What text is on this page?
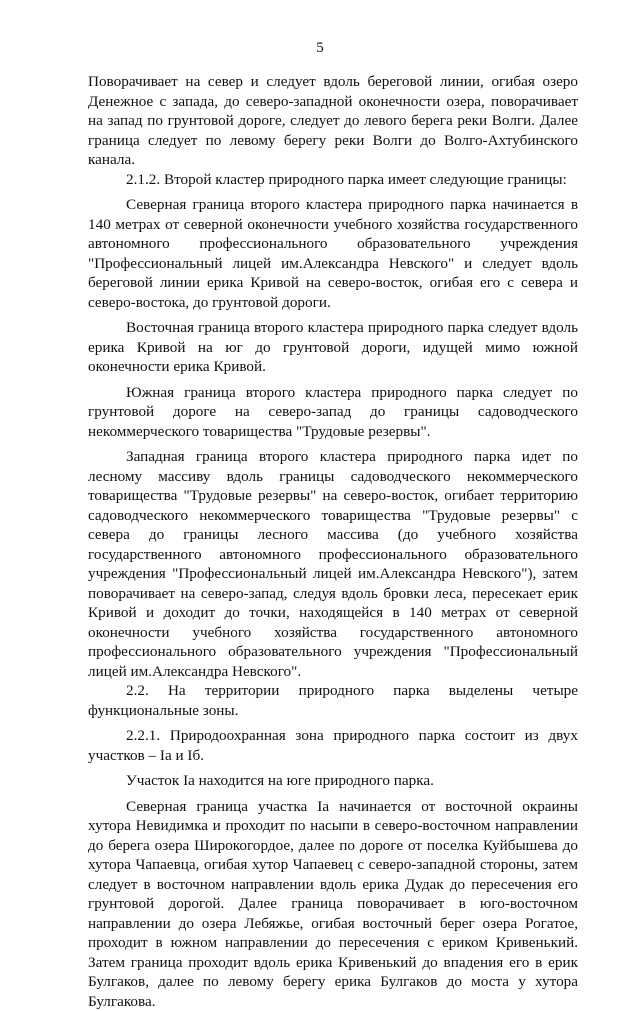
5

Поворачивает на север и следует вдоль береговой линии, огибая озеро Денежное с запада, до северо-западной оконечности озера, поворачивает на запад по грунтовой дороге, следует до левого берега реки Волги. Далее граница следует по левому берегу реки Волги до Волго-Ахтубинского канала.

2.1.2. Второй кластер природного парка имеет следующие границы:

Северная граница второго кластера природного парка начинается в 140 метрах от северной оконечности учебного хозяйства государственного автономного профессионального образовательного учреждения "Профессиональный лицей им.Александра Невского" и следует вдоль береговой линии ерика Кривой на северо-восток, огибая его с севера и северо-востока, до грунтовой дороги.

Восточная граница второго кластера природного парка следует вдоль ерика Кривой на юг до грунтовой дороги, идущей мимо южной оконечности ерика Кривой.

Южная граница второго кластера природного парка следует по грунтовой дороге на северо-запад до границы садоводческого некоммерческого товарищества "Трудовые резервы".

Западная граница второго кластера природного парка идет по лесному массиву вдоль границы садоводческого некоммерческого товарищества "Трудовые резервы" на северо-восток, огибает территорию садоводческого некоммерческого товарищества "Трудовые резервы" с севера до границы лесного массива (до учебного хозяйства государственного автономного профессионального образовательного учреждения "Профессиональный лицей им.Александра Невского"), затем поворачивает на северо-запад, следуя вдоль бровки леса, пересекает ерик Кривой и доходит до точки, находящейся в 140 метрах от северной оконечности учебного хозяйства государственного автономного профессионального образовательного учреждения "Профессиональный лицей им.Александра Невского".

2.2. На территории природного парка выделены четыре функциональные зоны.

2.2.1. Природоохранная зона природного парка состоит из двух участков – Iа и Iб.

Участок Iа находится на юге природного парка.

Северная граница участка Iа начинается от восточной окраины хутора Невидимка и проходит по насыпи в северо-восточном направлении до берега озера Широкогордое, далее по дороге от поселка Куйбышева до хутора Чапаевца, огибая хутор Чапаевец с северо-западной стороны, затем следует в восточном направлении вдоль ерика Дудак до пересечения его грунтовой дорогой. Далее граница поворачивает в юго-восточном направлении до озера Лебяжье, огибая восточный берег озера Рогатое, проходит в южном направлении до пересечения с ериком Кривенький. Затем граница проходит вдоль ерика Кривенький до впадения его в ерик Булгаков, далее по левому берегу ерика Булгаков до моста у хутора Булгакова.
